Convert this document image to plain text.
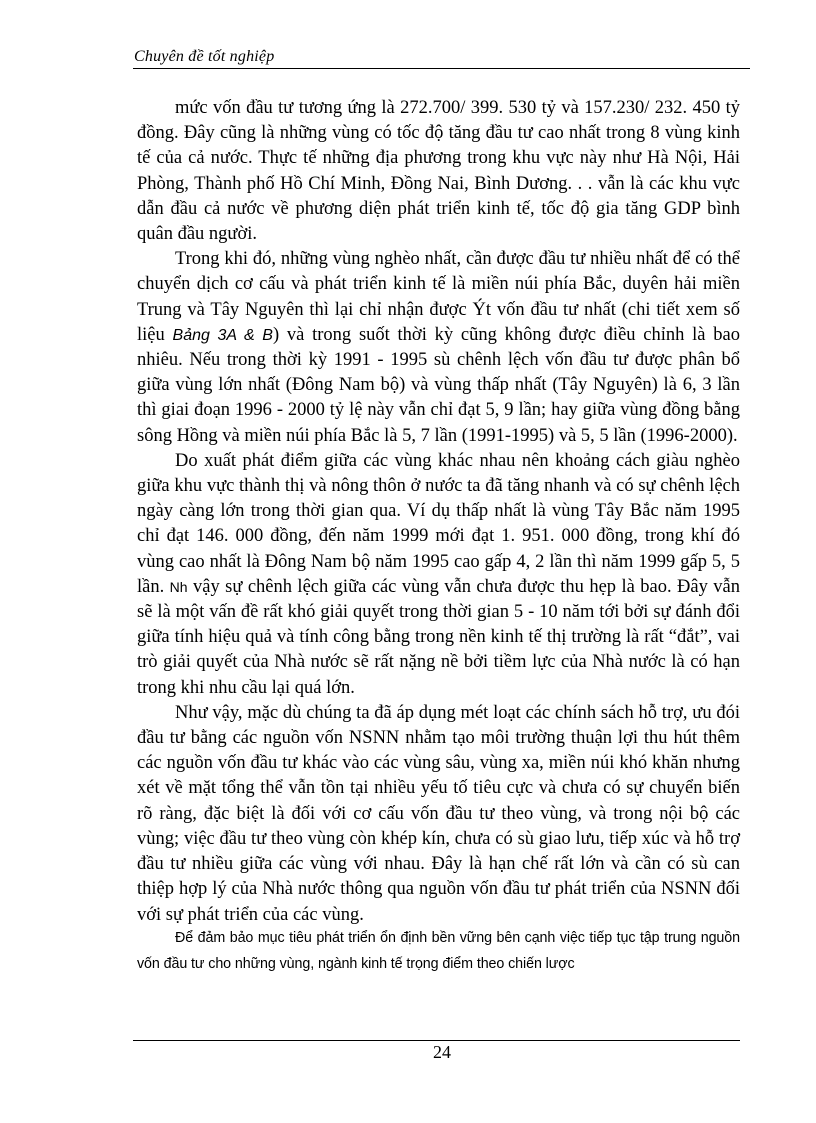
Chuyên đề tốt nghiệp

mức vốn đầu tư tương ứng là 272.700/ 399. 530 tỷ và 157.230/ 232. 450 tỷ đồng. Đây cũng là những vùng có tốc độ tăng đầu tư cao nhất trong 8 vùng kinh tế của cả nước. Thực tế những địa phương trong khu vực này như Hà Nội, Hải Phòng, Thành phố Hồ Chí Minh, Đồng Nai, Bình Dương. . . vẫn là các khu vực dẫn đầu cả nước về phương diện phát triển kinh tế, tốc độ gia tăng GDP bình quân đầu người.

Trong khi đó, những vùng nghèo nhất, cần được đầu tư nhiều nhất để có thể chuyển dịch cơ cấu và phát triển kinh tế là miền núi phía Bắc, duyên hải miền Trung và Tây Nguyên thì lại chỉ nhận được Ýt vốn đầu tư nhất (chi tiết xem số liệu Bảng 3A & B) và trong suốt thời kỳ cũng không được điều chỉnh là bao nhiêu. Nếu trong thời kỳ 1991 - 1995 sù chênh lệch vốn đầu tư được phân bổ giữa vùng lớn nhất (Đông Nam bộ) và vùng thấp nhất (Tây Nguyên) là 6, 3 lần thì giai đoạn 1996 - 2000 tỷ lệ này vẫn chỉ đạt 5, 9 lần; hay giữa vùng đồng bằng sông Hồng và miền núi phía Bắc là 5, 7 lần (1991-1995) và 5, 5 lần (1996-2000).

Do xuất phát điểm giữa các vùng khác nhau nên khoảng cách giàu nghèo giữa khu vực thành thị và nông thôn ở nước ta đã tăng nhanh và có sự chênh lệch ngày càng lớn trong thời gian qua. Ví dụ thấp nhất là vùng Tây Bắc năm 1995 chỉ đạt 146. 000 đồng, đến năm 1999 mới đạt 1. 951. 000 đồng, trong khí đó vùng cao nhất là Đông Nam bộ năm 1995 cao gấp 4, 2 lần thì năm 1999 gấp 5, 5 lần. Nh vậy sự chênh lệch giữa các vùng vẫn chưa được thu hẹp là bao. Đây vẫn sẽ là một vấn đề rất khó giải quyết trong thời gian 5 - 10 năm tới bởi sự đánh đổi giữa tính hiệu quả và tính công bằng trong nền kinh tế thị trường là rất “đắt”, vai trò giải quyết của Nhà nước sẽ rất nặng nề bởi tiềm lực của Nhà nước là có hạn trong khi nhu cầu lại quá lớn.

Như vậy, mặc dù chúng ta đã áp dụng mét loạt các chính sách hỗ trợ, ưu đói đầu tư bằng các nguồn vốn NSNN nhằm tạo môi trường thuận lợi thu hút thêm các nguồn vốn đầu tư khác vào các vùng sâu, vùng xa, miền núi khó khăn nhưng xét về mặt tổng thể vẫn tồn tại nhiều yếu tố tiêu cực và chưa có sự chuyển biến rõ ràng, đặc biệt là đối với cơ cấu vốn đầu tư theo vùng, và trong nội bộ các vùng; việc đầu tư theo vùng còn khép kín, chưa có sù giao lưu, tiếp xúc và hỗ trợ đầu tư nhiều giữa các vùng với nhau. Đây là hạn chế rất lớn và cần có sù can thiệp hợp lý của Nhà nước thông qua nguồn vốn đầu tư phát triển của NSNN đối với sự phát triển của các vùng.

Để đảm bảo mục tiêu phát triển ổn định bền vững bên cạnh việc tiếp tục tập trung nguồn vốn đầu tư cho những vùng, ngành kinh tế trọng điểm theo chiến lược

24
